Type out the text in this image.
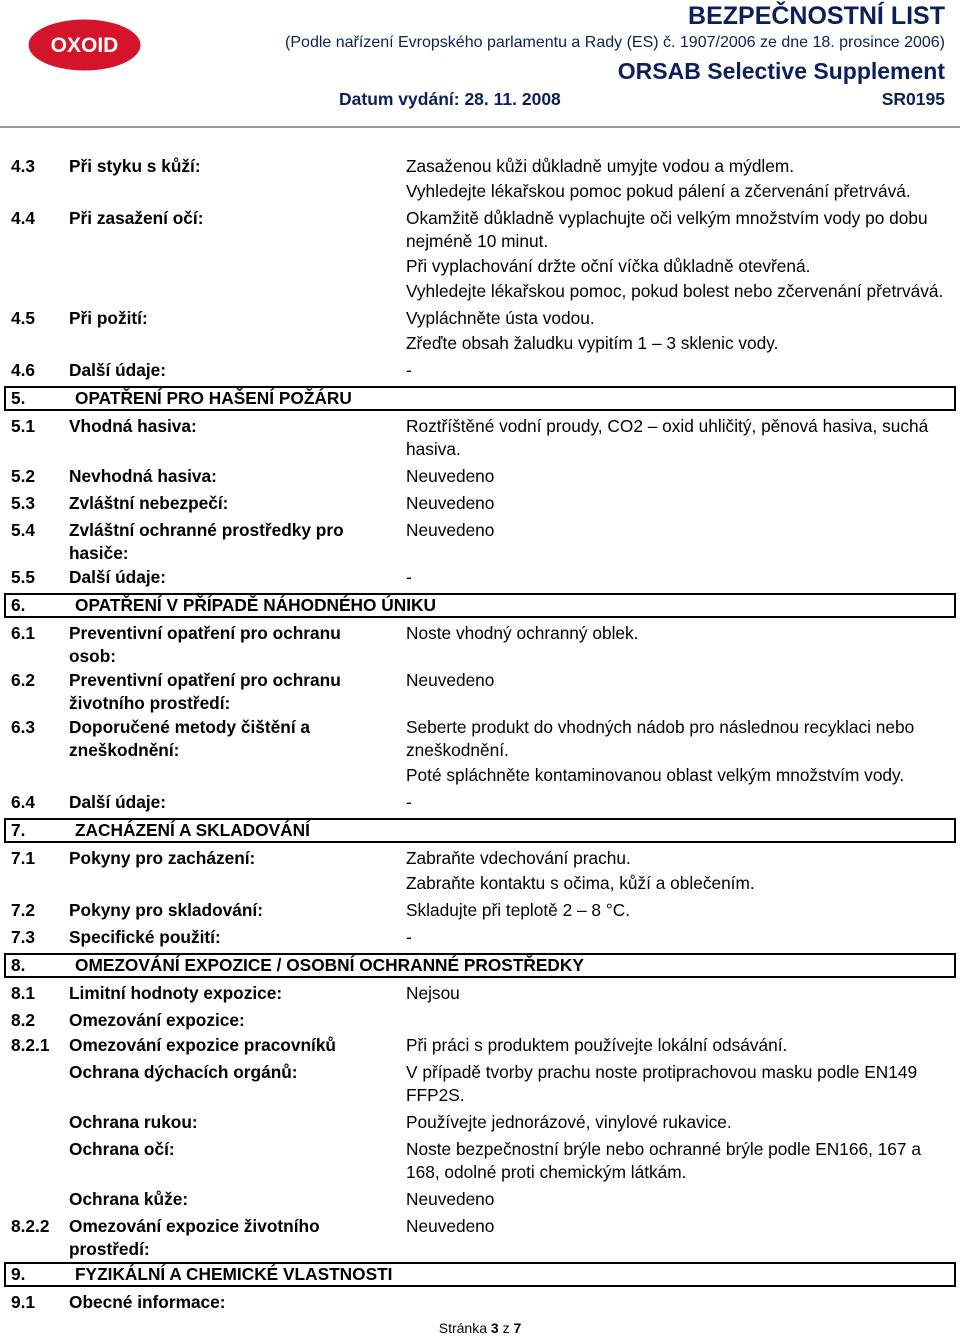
OXOID
BEZPEČNOSTNÍ LIST
(Podle nařízení Evropského parlamentu a Rady (ES) č. 1907/2006 ze dne 18. prosince 2006)
ORSAB Selective Supplement
Datum vydání: 28. 11. 2008	SR0195
4.3 Při styku s kůží:	Zasaženou kůži důkladně umyjte vodou a mýdlem.
Vyhledejte lékařskou pomoc pokud pálení a zčervenání přetrvává.
4.4 Při zasažení očí:	Okamžitě důkladně vyplachujte oči velkým množstvím vody po dobu nejméně 10 minut.
Při vyplachování držte oční víčka důkladně otevřená.
Vyhledejte lékařskou pomoc, pokud bolest nebo zčervenání přetrvává.
4.5 Při požití:	Vypláchněte ústa vodou.
Zřeďte obsah žaludku vypitím 1 – 3 sklenic vody.
4.6 Další údaje:	-
5.	OPATŘENÍ PRO HAŠENÍ POŽÁRU
5.1 Vhodná hasiva:	Roztříštěné vodní proudy, CO2 – oxid uhličitý, pěnová hasiva, suchá hasiva.
5.2 Nevhodná hasiva:	Neuvedeno
5.3 Zvláštní nebezpečí:	Neuvedeno
5.4 Zvláštní ochranné prostředky pro hasiče:
Neuvedeno
5.5 Další údaje:	-
6.	OPATŘENÍ V PŘÍPADĚ NÁHODNÉHO ÚNIKU
6.1 Preventivní opatření pro ochranu osob:
Noste vhodný ochranný oblek.
6.2 Preventivní opatření pro ochranu životního prostředí:
Neuvedeno
6.3 Doporučené metody čištění a zneškodnění:
Seberte produkt do vhodných nádob pro následnou recyklaci nebo zneškodnění.
Poté spláchněte kontaminovanou oblast velkým množstvím vody.
6.4 Další údaje:	-
7.	ZACHÁZENÍ A SKLADOVÁNÍ
7.1 Pokyny pro zacházení:	Zabraňte vdechování prachu.
Zabraňte kontaktu s očima, kůží a oblečením.
7.2 Pokyny pro skladování:	Skladujte při teplotě 2 – 8 °C.
7.3 Specifické použití:	-
8.	OMEZOVÁNÍ EXPOZICE / OSOBNÍ OCHRANNÉ PROSTŘEDKY
8.1 Limitní hodnoty expozice:	Nejsou
8.2 Omezování expozice:
8.2.1 Omezování expozice pracovníků	Při práci s produktem používejte lokální odsávání.
Ochrana dýchacích orgánů:	V případě tvorby prachu noste protiprachovou masku podle EN149 FFP2S.
Ochrana rukou:	Používejte jednorázové, vinylové rukavice.
Ochrana očí:	Noste bezpečnostní brýle nebo ochranné brýle podle EN166, 167 a 168, odolné proti chemickým látkám.
Ochrana kůže:	Neuvedeno
8.2.2 Omezování expozice životního prostředí:
Neuvedeno
9.	FYZIKÁLNÍ A CHEMICKÉ VLASTNOSTI
9.1 Obecné informace:
Stránka 3 z 7
